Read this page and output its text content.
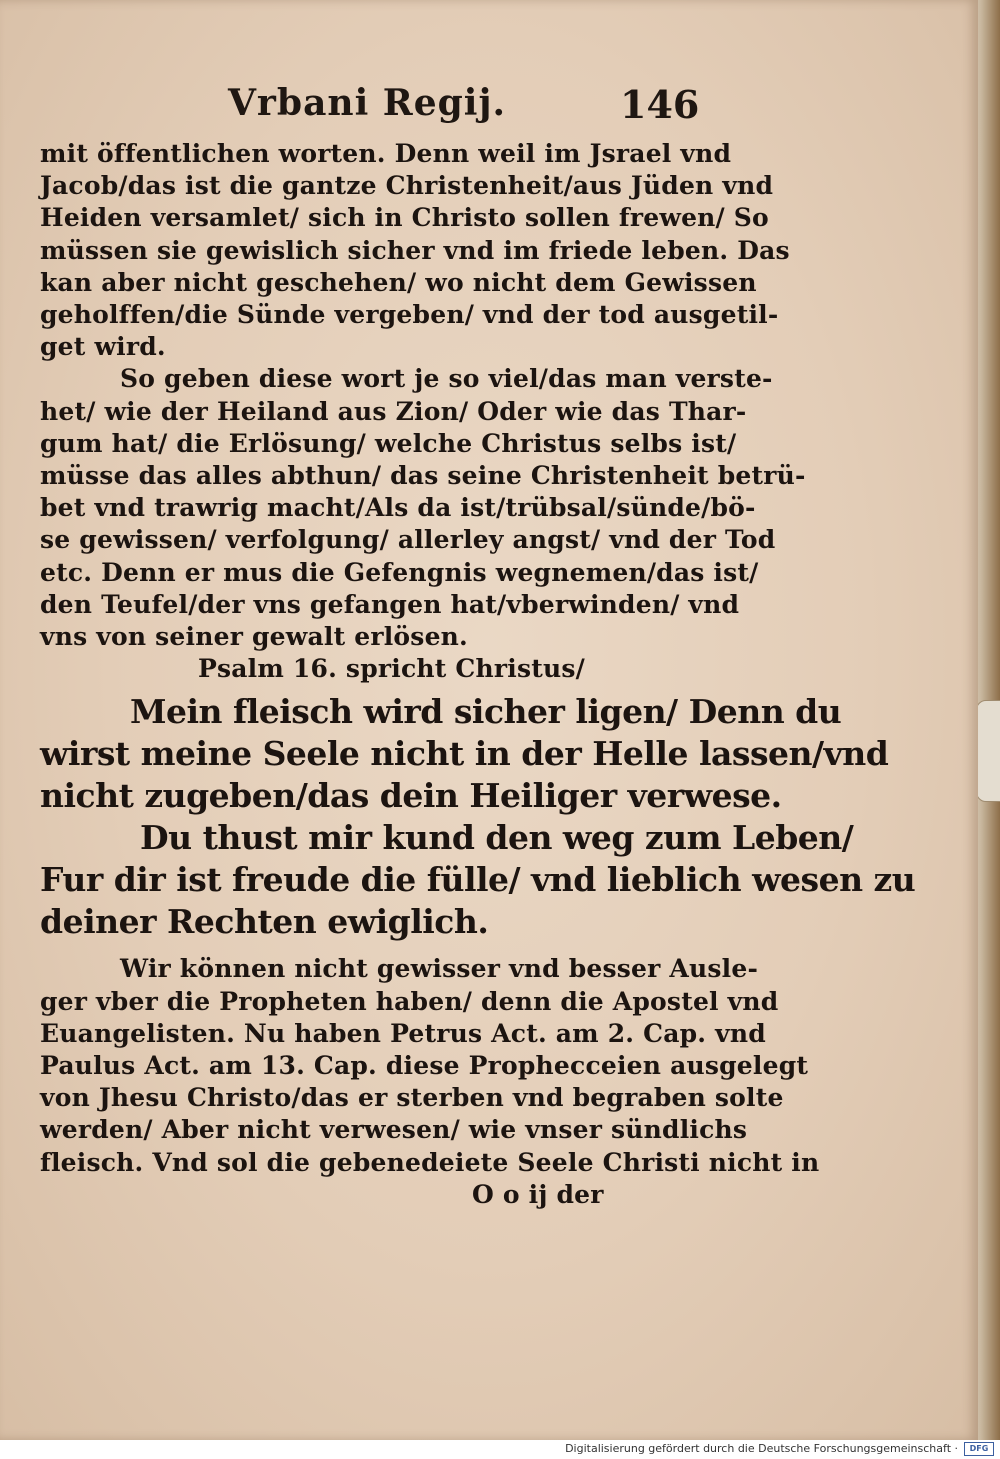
Vrbani Regij.	146
mit öffentlichen worten. Denn weil im Jsrael vnd
Jacob/das ist die gantze Christenheit/aus Jüden vnd
Heiden versamlet/ sich in Christo sollen frewen/ So
müssen sie gewislich sicher vnd im friede leben. Das
kan aber nicht geschehen/ wo nicht dem Gewissen
geholffen/die Sünde vergeben/ vnd der tod ausgetil-
get wird.
So geben diese wort je so viel/das man verste-
het/ wie der Heiland aus Zion/ Oder wie das Thar-
gum hat/ die Erlösung/ welche Christus selbs ist/
müsse das alles abthun/ das seine Christenheit betrü-
bet vnd trawrig macht/Als da ist/trübsal/sünde/bö-
se gewissen/ verfolgung/ allerley angst/ vnd der Tod
etc. Denn er mus die Gefengnis wegnemen/das ist/
den Teufel/der vns gefangen hat/vberwinden/ vnd
vns von seiner gewalt erlösen.
Psalm 16. spricht Christus/
Mein fleisch wird sicher ligen/ Denn du
wirst meine Seele nicht in der Helle lassen/vnd
nicht zugeben/das dein Heiliger verwese.
Du thust mir kund den weg zum Leben/
Fur dir ist freude die fülle/ vnd lieblich wesen zu
deiner Rechten ewiglich.
Wir können nicht gewisser vnd besser Ausle-
ger vber die Propheten haben/ denn die Apostel vnd
Euangelisten. Nu haben Petrus Act. am 2. Cap. vnd
Paulus Act. am 13. Cap. diese Prophecceien ausgelegt
von Jhesu Christo/das er sterben vnd begraben solte
werden/ Aber nicht verwesen/ wie vnser sündlichs
fleisch. Vnd sol die gebenedeiete Seele Christi nicht in
O o ij der
Digitalisierung gefördert durch die Deutsche Forschungsgemeinschaft ·	DFG
